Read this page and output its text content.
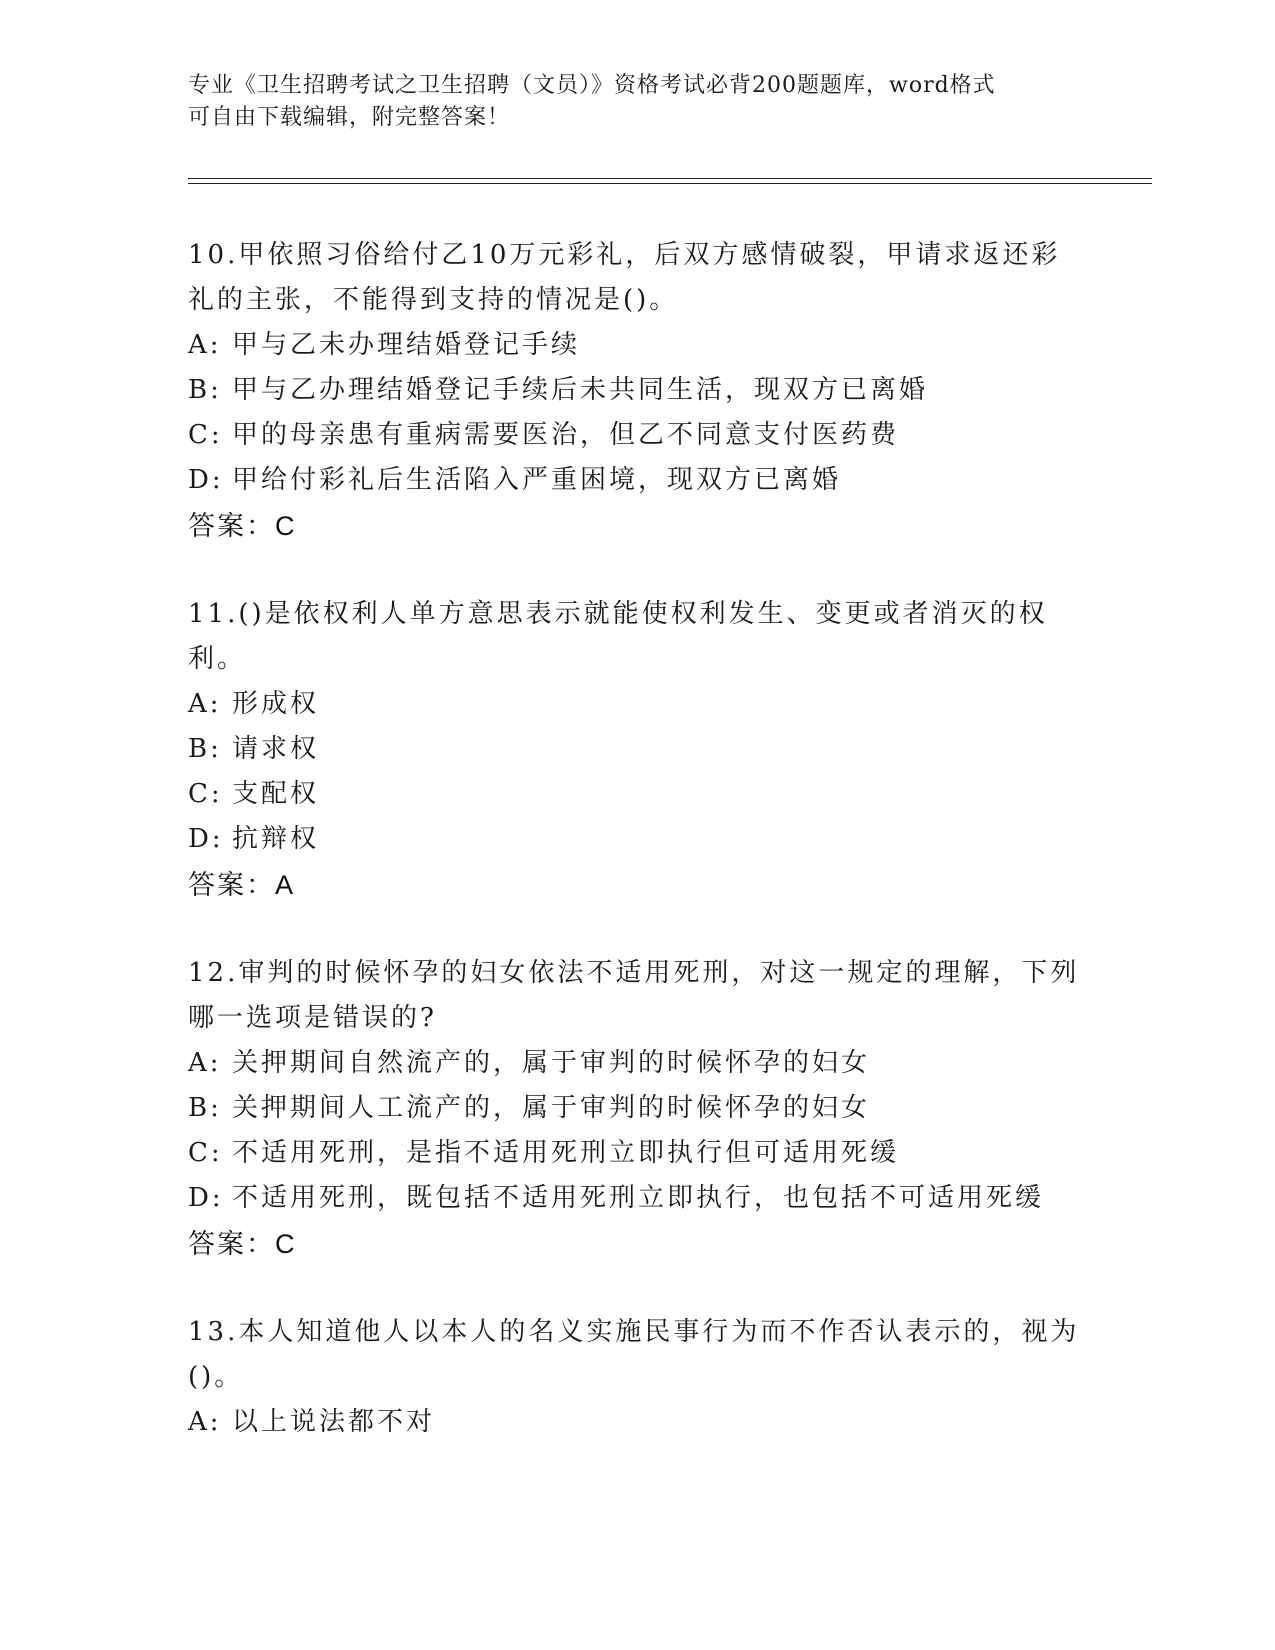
专业《卫生招聘考试之卫生招聘（文员）》资格考试必背200题题库，word格式
可自由下载编辑，附完整答案！
10.甲依照习俗给付乙10万元彩礼，后双方感情破裂，甲请求返还彩礼的主张，不能得到支持的情况是()。
A: 甲与乙未办理结婚登记手续
B: 甲与乙办理结婚登记手续后未共同生活，现双方已离婚
C: 甲的母亲患有重病需要医治，但乙不同意支付医药费
D: 甲给付彩礼后生活陷入严重困境，现双方已离婚
答案：C
11.()是依权利人单方意思表示就能使权利发生、变更或者消灭的权利。
A: 形成权
B: 请求权
C: 支配权
D: 抗辩权
答案：A
12.审判的时候怀孕的妇女依法不适用死刑，对这一规定的理解，下列哪一选项是错误的?
A: 关押期间自然流产的，属于审判的时候怀孕的妇女
B: 关押期间人工流产的，属于审判的时候怀孕的妇女
C: 不适用死刑，是指不适用死刑立即执行但可适用死缓
D: 不适用死刑，既包括不适用死刑立即执行，也包括不可适用死缓
答案：C
13.本人知道他人以本人的名义实施民事行为而不作否认表示的，视为()。
A: 以上说法都不对
